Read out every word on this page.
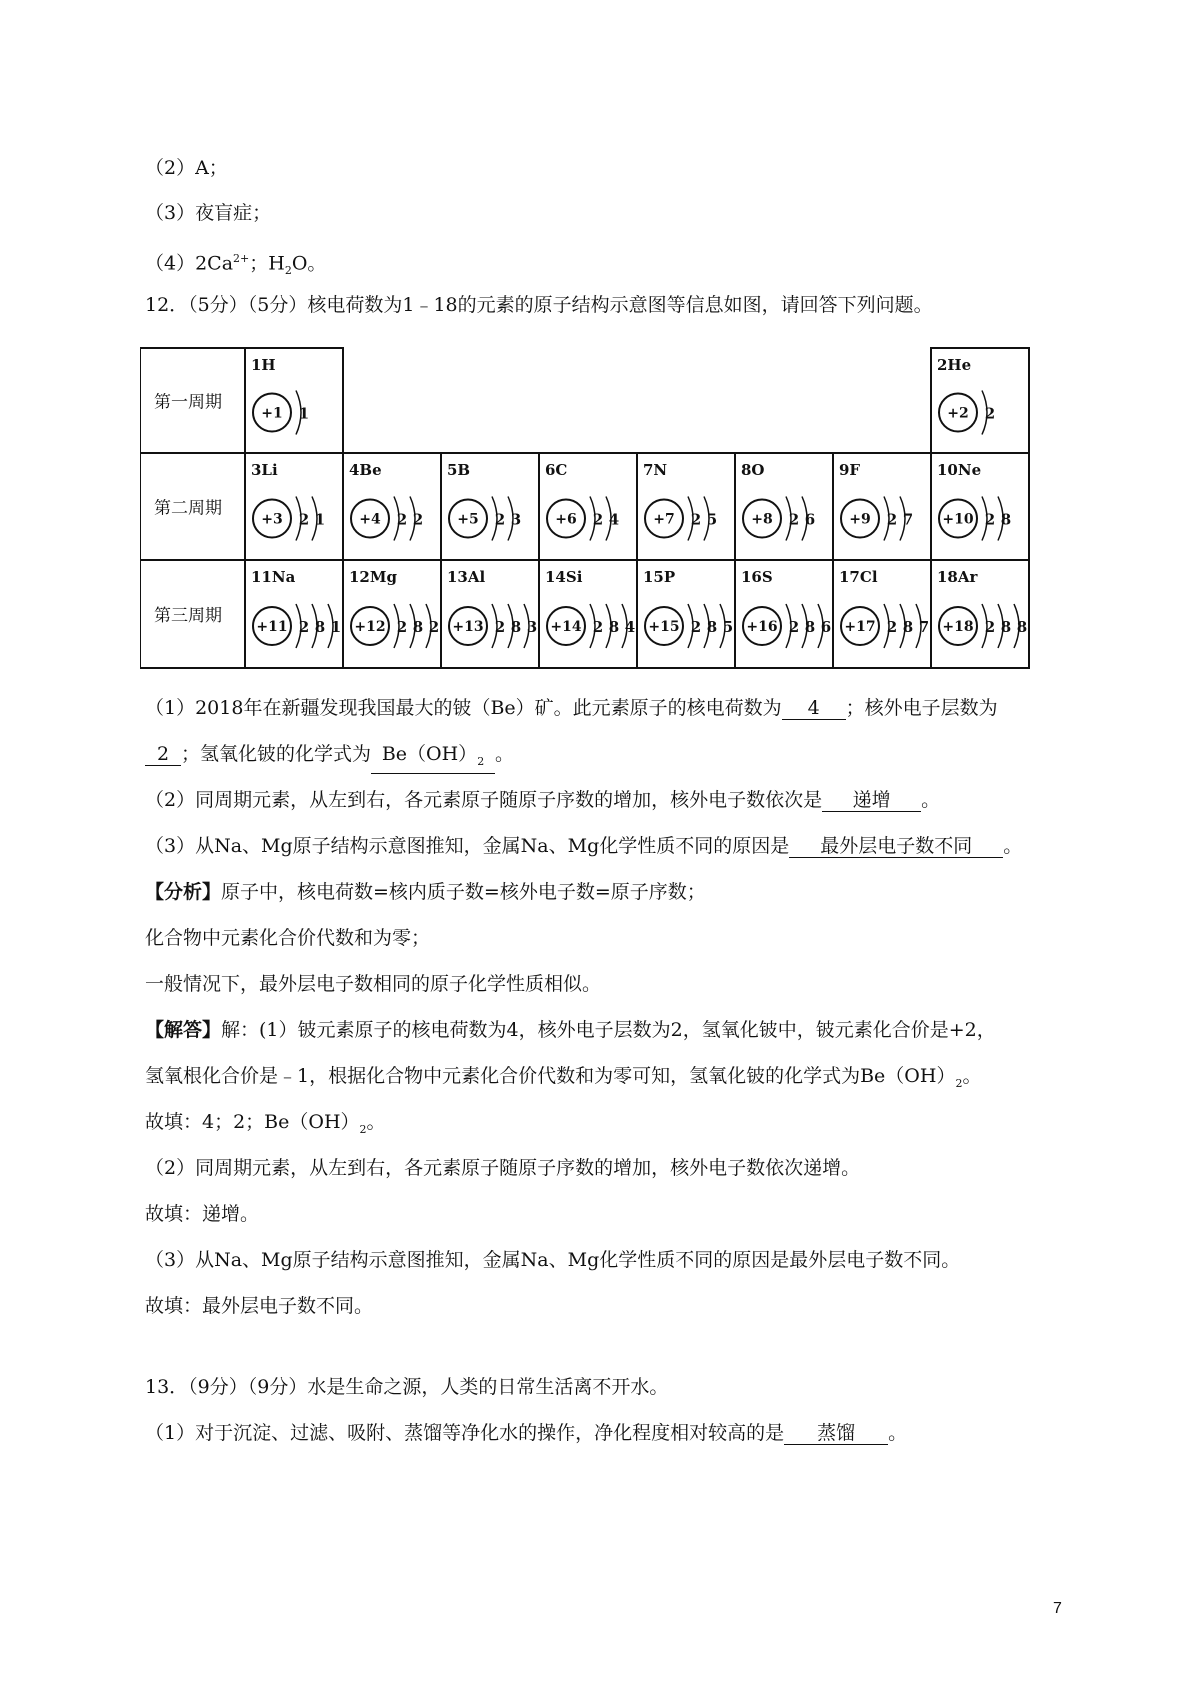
（2）A；
（3）夜盲症；
$(4)2Ca^{2+}$；$H_2O$。
12．（5分）（5分）核电荷数为1﹣18的元素的原子结构示意图等信息如图，请回答下列问题。
第一周期
第二周期
第三周期
1H
+1 1
2He
+2 2
3Li
+3 2 1
4Be
+4 2 2
5B
+5 2 3
6C
+6 2 4
7N
+7 2 5
8O
+8 2 6
9F
+9 2 7
10Ne
+10 2 8
11Na
+11 2 8 1
12Mg
+12 2 8 2
13Al
+13 2 8 3
14Si
+14 2 8 4
15P
+15 2 8 5
16S
+16 2 8 6
17Cl
+17 2 8 7
18Ar
+18 2 8 8
（1）2018年在新疆发现我国最大的铍（Be）矿。此元素原子的核电荷数为 4 ；核外电子层数为
2 ；氢氧化铍的化学式为 $Be(OH)_2$ 。
（2）同周期元素，从左到右，各元素原子随原子序数的增加，核外电子数依次是 递增 。
（3）从Na、Mg原子结构示意图推知，金属Na、Mg化学性质不同的原因是 最外层电子数不同 。
【分析】原子中，核电荷数=核内质子数=核外电子数=原子序数；
化合物中元素化合价代数和为零；
一般情况下，最外层电子数相同的原子化学性质相似。
【解答】解：(1）铍元素原子的核电荷数为4，核外电子层数为2，氢氧化铍中，铍元素化合价是+2，
氢氧根化合价是﹣1，根据化合物中元素化合价代数和为零可知，氢氧化铍的化学式为$Be(OH)_2$。
故填：4；2；$Be(OH)_2$。
（2）同周期元素，从左到右，各元素原子随原子序数的增加，核外电子数依次递增。
故填：递增。
（3）从Na、Mg原子结构示意图推知，金属Na、Mg化学性质不同的原因是最外层电子数不同。
故填：最外层电子数不同。
13．（9分）（9分）水是生命之源，人类的日常生活离不开水。
（1）对于沉淀、过滤、吸附、蒸馏等净化水的操作，净化程度相对较高的是 蒸馏 。
7
